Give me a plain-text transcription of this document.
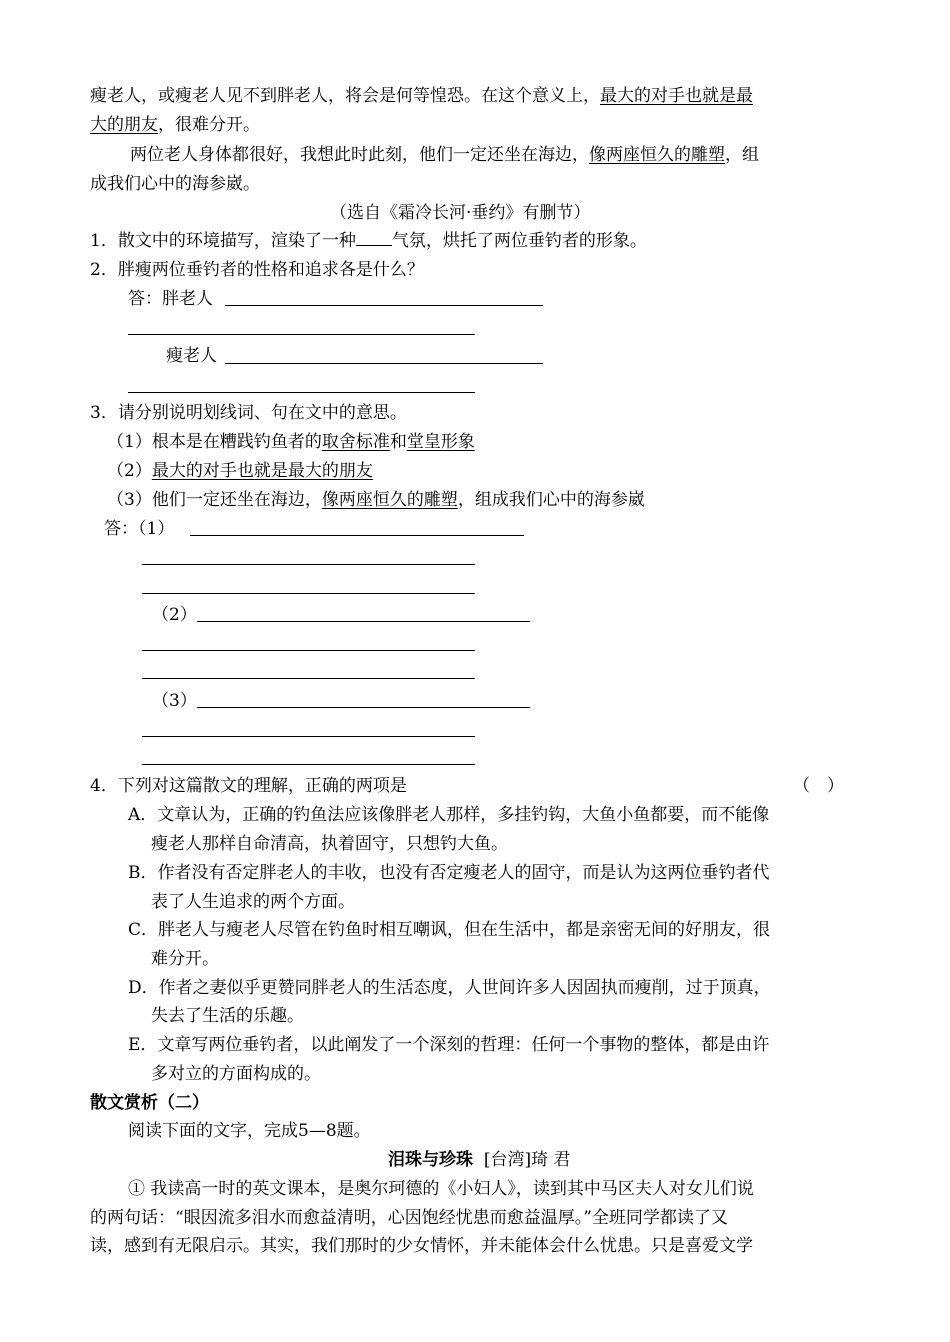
瘦老人，或瘦老人见不到胖老人，将会是何等惶恐。在这个意义上，最大的对手也就是最
大的朋友，很难分开。
两位老人身体都很好，我想此时此刻，他们一定还坐在海边，像两座恒久的雕塑，组
成我们心中的海参崴。
（选自《霜冷长河·垂约》有删节）
1．散文中的环境描写，渲染了一种 气氛，烘托了两位垂钓者的形象。
2．胖瘦两位垂钓者的性格和追求各是什么？
答：胖老人
瘦老人
3．请分别说明划线词、句在文中的意思。
（1）根本是在糟践钓鱼者的取舍标准和堂皇形象
（2）最大的对手也就是最大的朋友
（3）他们一定还坐在海边，像两座恒久的雕塑，组成我们心中的海参崴
答：（1）
（2）
（3）
4．下列对这篇散文的理解，正确的两项是	（　）
A．文章认为，正确的钓鱼法应该像胖老人那样，多挂钓钩，大鱼小鱼都要，而不能像
瘦老人那样自命清高，执着固守，只想钓大鱼。
B．作者没有否定胖老人的丰收，也没有否定瘦老人的固守，而是认为这两位垂钓者代
表了人生追求的两个方面。
C．胖老人与瘦老人尽管在钓鱼时相互嘲讽，但在生活中，都是亲密无间的好朋友，很
难分开。
D．作者之妻似乎更赞同胖老人的生活态度，人世间许多人因固执而瘦削，过于顶真，
失去了生活的乐趣。
E．文章写两位垂钓者，以此阐发了一个深刻的哲理：任何一个事物的整体，都是由许
多对立的方面构成的。
散文赏析（二）
阅读下面的文字，完成5—8题。
泪珠与珍珠 [台湾]琦 君
① 我读高一时的英文课本，是奥尔珂德的《小妇人》，读到其中马区夫人对女儿们说
的两句话：“眼因流多泪水而愈益清明，心因饱经忧患而愈益温厚。”全班同学都读了又
读，感到有无限启示。其实，我们那时的少女情怀，并未能体会什么忧患。只是喜爱文学
